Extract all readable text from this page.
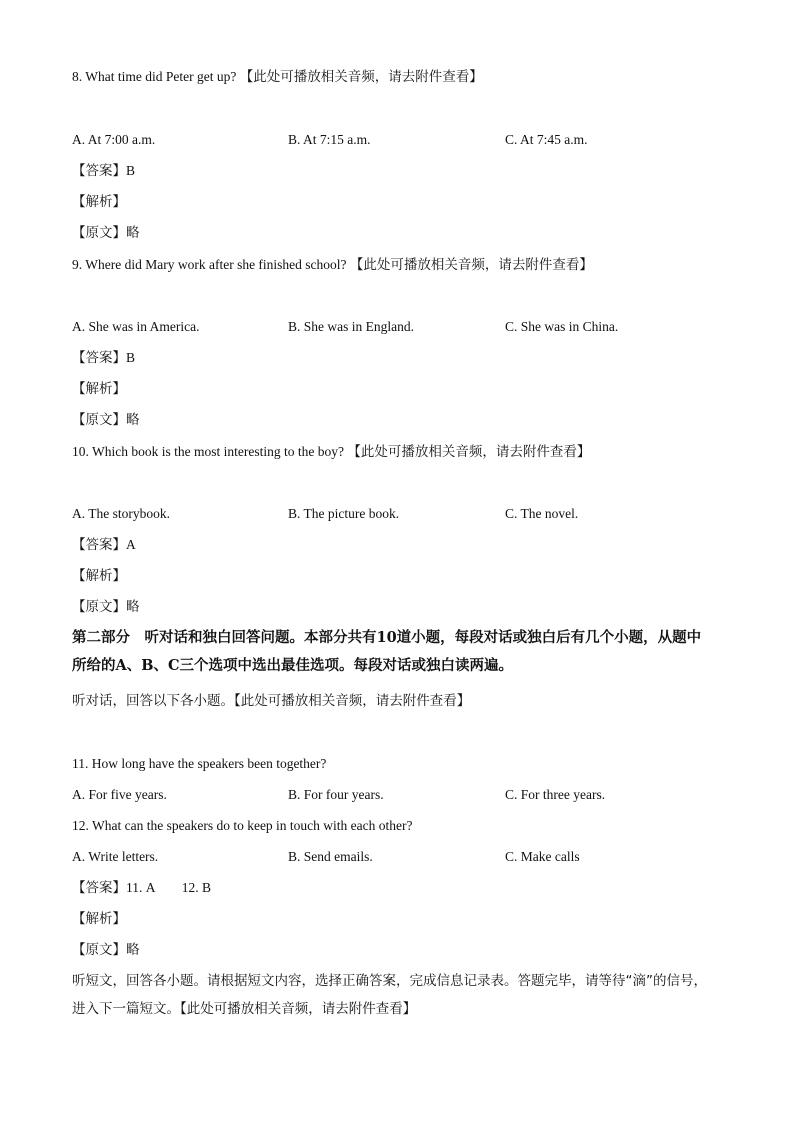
8. What time did Peter get up? 【此处可播放相关音频，请去附件查看】
A. At 7:00 a.m.	B. At 7:15 a.m.	C. At 7:45 a.m.
【答案】B
【解析】
【原文】略
9. Where did Mary work after she finished school? 【此处可播放相关音频，请去附件查看】
A. She was in America.	B. She was in England.	C. She was in China.
【答案】B
【解析】
【原文】略
10. Which book is the most interesting to the boy? 【此处可播放相关音频，请去附件查看】
A. The storybook.	B. The picture book.	C. The novel.
【答案】A
【解析】
【原文】略
第二部分　听对话和独白回答问题。本部分共有10道小题，每段对话或独白后有几个小题，从题中所给的A、B、C三个选项中选出最佳选项。每段对话或独白读两遍。
听对话，回答以下各小题。【此处可播放相关音频，请去附件查看】
11. How long have the speakers been together?
A. For five years.	B. For four years.	C. For three years.
12. What can the speakers do to keep in touch with each other?
A. Write letters.	B. Send emails.	C. Make calls
【答案】11. A　　12. B
【解析】
【原文】略
听短文，回答各小题。请根据短文内容，选择正确答案，完成信息记录表。答题完毕，请等待“滴”的信号，进入下一篇短文。【此处可播放相关音频，请去附件查看】
